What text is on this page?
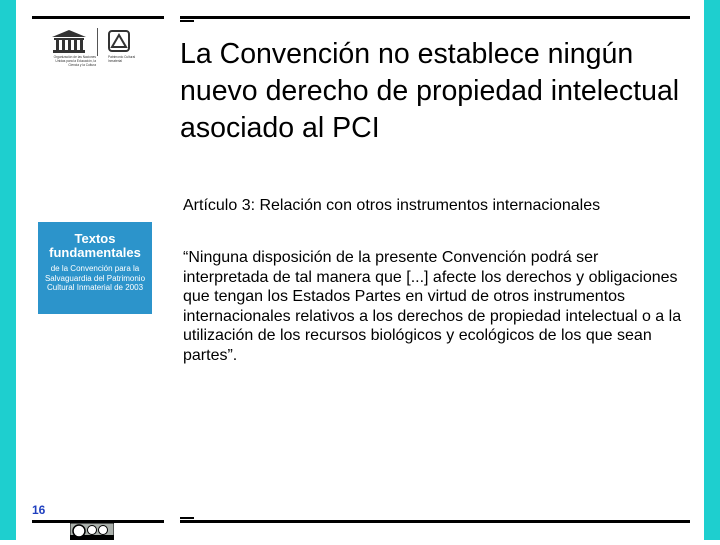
Organización de las Naciones Unidas para la Educación, la Ciencia y la Cultura
Patrimonio Cultural Inmaterial
Textos
fundamentales
de la Convención para la Salvaguardia del Patrimonio Cultural Inmaterial de 2003
La Convención no establece ningún nuevo derecho de propiedad intelectual asociado al PCI
Artículo 3: Relación con otros instrumentos internacionales
“Ninguna disposición de la presente Convención podrá ser interpretada de tal manera que [...] afecte los derechos y obligaciones que tengan los Estados Partes en virtud de otros instrumentos internacionales relativos a los derechos de propiedad intelectual o a la utilización de los recursos biológicos y ecológicos de los que sean partes”.
16
